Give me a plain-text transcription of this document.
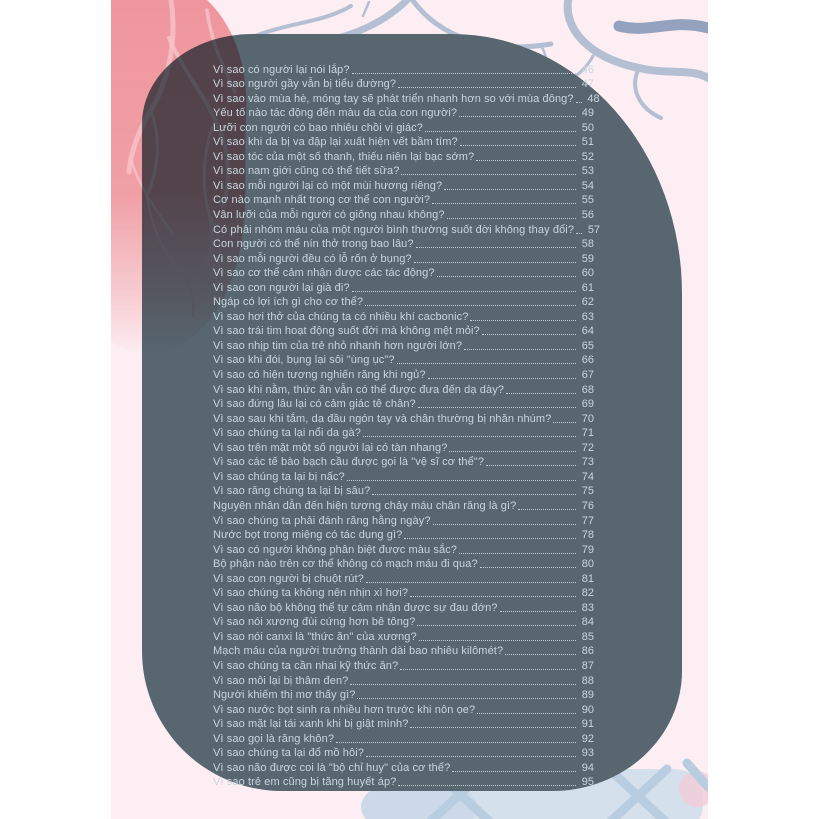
Vì sao có người lại nói lắp?	46
Vì sao người gầy vẫn bị tiểu đường?	47
Vì sao vào mùa hè, móng tay sẽ phát triển nhanh hơn so với mùa đông?	48
Yếu tố nào tác động đến màu da của con người?	49
Lưỡi con người có bao nhiêu chồi vị giác?	50
Vì sao khi da bị va đập lại xuất hiện vết bầm tím?	51
Vì sao tóc của một số thanh, thiếu niên lại bạc sớm?	52
Vì sao nam giới cũng có thể tiết sữa?	53
Vì sao mỗi người lại có một mùi hương riêng?	54
Cơ nào mạnh nhất trong cơ thể con người?	55
Vân lưỡi của mỗi người có giống nhau không?	56
Có phải nhóm máu của một người bình thường suốt đời không thay đổi?	57
Con người có thể nín thở trong bao lâu?	58
Vì sao mỗi người đều có lỗ rốn ở bụng?	59
Vì sao cơ thể cảm nhận được các tác động?	60
Vì sao con người lại già đi?	61
Ngáp có lợi ích gì cho cơ thể?	62
Vì sao hơi thở của chúng ta có nhiều khí cacbonic?	63
Vì sao trái tim hoạt động suốt đời mà không mệt mỏi?	64
Vì sao nhịp tim của trẻ nhỏ nhanh hơn người lớn?	65
Vì sao khi đói, bụng lại sôi "ùng ục"?	66
Vì sao có hiện tượng nghiến răng khi ngủ?	67
Vì sao khi nằm, thức ăn vẫn có thể được đưa đến dạ dày?	68
Vì sao đứng lâu lại có cảm giác tê chân?	69
Vì sao sau khi tắm, da đầu ngón tay và chân thường bị nhăn nhúm?	70
Vì sao chúng ta lại nổi da gà?	71
Vì sao trên mặt một số người lại có tàn nhang?	72
Vì sao các tế bào bạch cầu được gọi là "vệ sĩ cơ thể"?	73
Vì sao chúng ta lại bị nấc?	74
Vì sao răng chúng ta lại bị sâu?	75
Nguyên nhân dẫn đến hiện tượng chảy máu chân răng là gì?	76
Vì sao chúng ta phải đánh răng hằng ngày?	77
Nước bọt trong miệng có tác dụng gì?	78
Vì sao có người không phân biệt được màu sắc?	79
Bộ phận nào trên cơ thể không có mạch máu đi qua?	80
Vì sao con người bị chuột rút?	81
Vì sao chúng ta không nên nhịn xì hơi?	82
Vì sao não bộ không thể tự cảm nhận được sự đau đớn?	83
Vì sao nói xương đùi cứng hơn bê tông?	84
Vì sao nói canxi là "thức ăn" của xương?	85
Mạch máu của người trưởng thành dài bao nhiêu kilômét?	86
Vì sao chúng ta cần nhai kỹ thức ăn?	87
Vì sao môi lại bị thâm đen?	88
Người khiếm thị mơ thấy gì?	89
Vì sao nước bọt sinh ra nhiều hơn trước khi nôn ọe?	90
Vì sao mặt lại tái xanh khi bị giật mình?	91
Vì sao gọi là răng khôn?	92
Vì sao chúng ta lại đổ mồ hôi?	93
Vì sao não được coi là "bộ chỉ huy" của cơ thể?	94
Vì sao trẻ em cũng bị tăng huyết áp?	95
